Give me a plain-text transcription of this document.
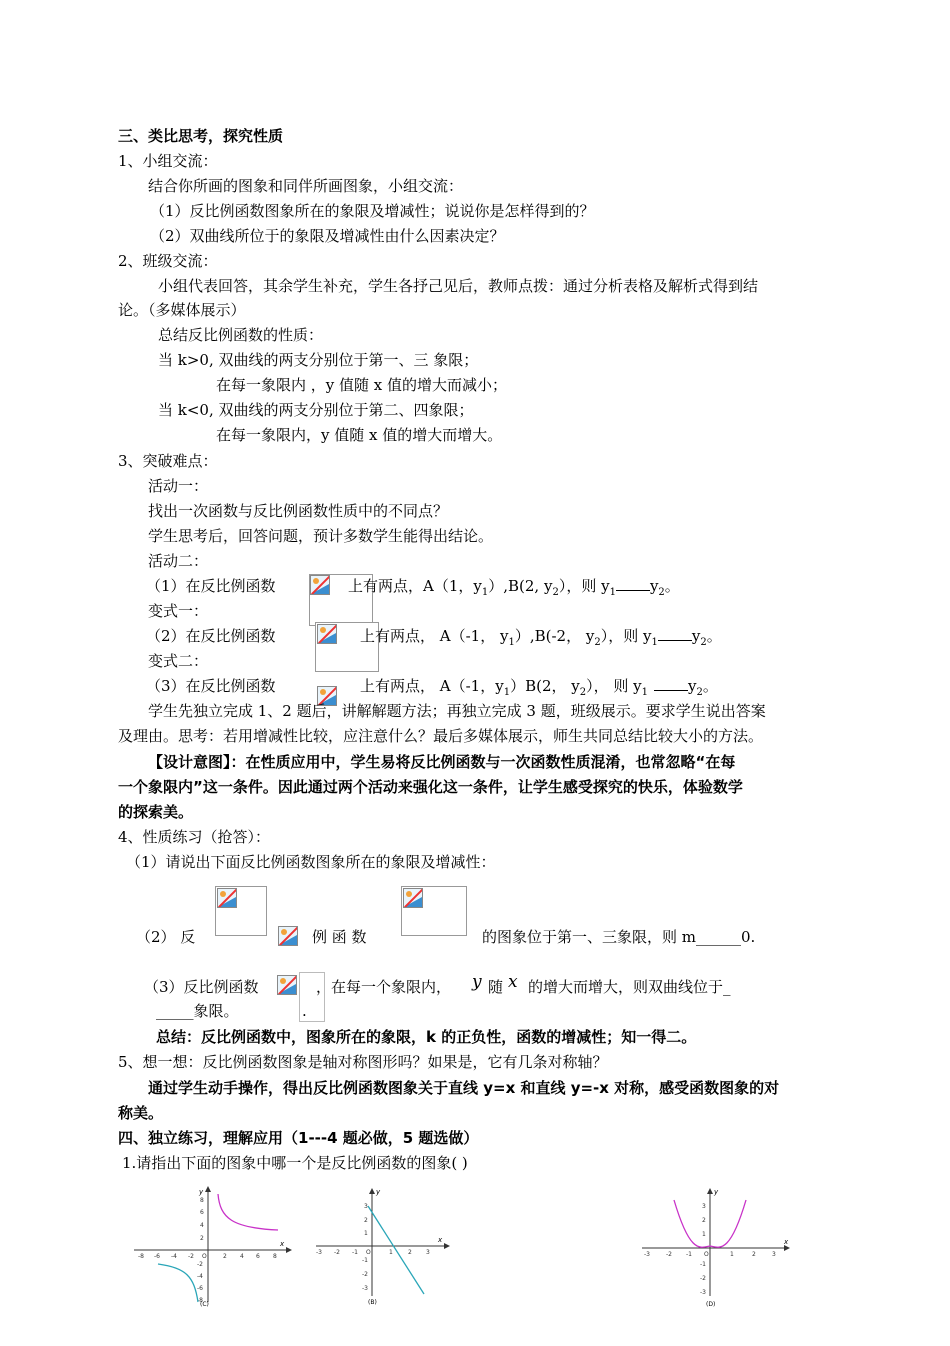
三、类比思考，探究性质
1、小组交流：
结合你所画的图象和同伴所画图象，小组交流：
（1）反比例函数图象所在的象限及增减性；说说你是怎样得到的？
（2）双曲线所位于的象限及增减性由什么因素决定？
2、班级交流：
小组代表回答，其余学生补充，学生各抒己见后，教师点拨：通过分析表格及解析式得到结
论。（多媒体展示）
总结反比例函数的性质：
当 k>0, 双曲线的两支分别位于第一、三 象限；
在每一象限内 ，y 值随 x 值的增大而减小；
当 k<0, 双曲线的两支分别位于第二、四象限；
在每一象限内，y 值随 x 值的增大而增大。
3、突破难点：
活动一：
找出一次函数与反比例函数性质中的不同点？
学生思考后，回答问题，预计多数学生能得出结论。
活动二：
（1）在反比例函数	上有两点，A（1，$y_1),B(2$, $y_2$），则 $y_1$ $y_2$。
变式一：
（2）在反比例函数	上有两点， A（-1， $y_1),B(-2$， $y_2$），则 $y_1$ $y_2$。
变式二：
（3）在反比例函数	上有两点， A（-1，$y_1)B(2$， $y_2$）， 则 $y_1$	$y_2$。
学生先独立完成 1、2 题后，讲解解题方法；再独立完成 3 题，班级展示。要求学生说出答案
及理由。思考：若用增减性比较，应注意什么？最后多媒体展示，师生共同总结比较大小的方法。
【设计意图】：在性质应用中，学生易将反比例函数与一次函数性质混淆，也常忽略“在每
一个象限内”这一条件。因此通过两个活动来强化这一条件，让学生感受探究的快乐，体验数学
的探索美。
4、性质练习（抢答）：
（1）请说出下面反比例函数图象所在的象限及增减性：
（2） 反	例 函 数	的图象位于第一、三象限，则 m______0.
（3）反比例函数	，在每一个象限内， y 随 x 的增大而增大，则双曲线位于_
_____象限。	.
总结：反比例函数中，图象所在的象限，k 的正负性，函数的增减性；知一得二。
5、想一想：反比例函数图象是轴对称图形吗？如果是，它有几条对称轴？
通过学生动手操作，得出反比例函数图象关于直线 y=x 和直线 y=-x 对称，感受函数图象的对
称美。
四、独立练习，理解应用（1---4 题必做，5 题选做）
1.请指出下面的图象中哪一个是反比例函数的图象( )
x
y
-8 -6 -4 -2 O	2 4 6 8
8
6
4
2
-2
-4
-6
-8
(C)
x
y
-3 -2 -1 O	1	2 3
3
2
1
-1
-2
-3
(B)
x
y
-3	-2 -1 O	1	2	3
3
2
1
-1
-2
-3
(D)
